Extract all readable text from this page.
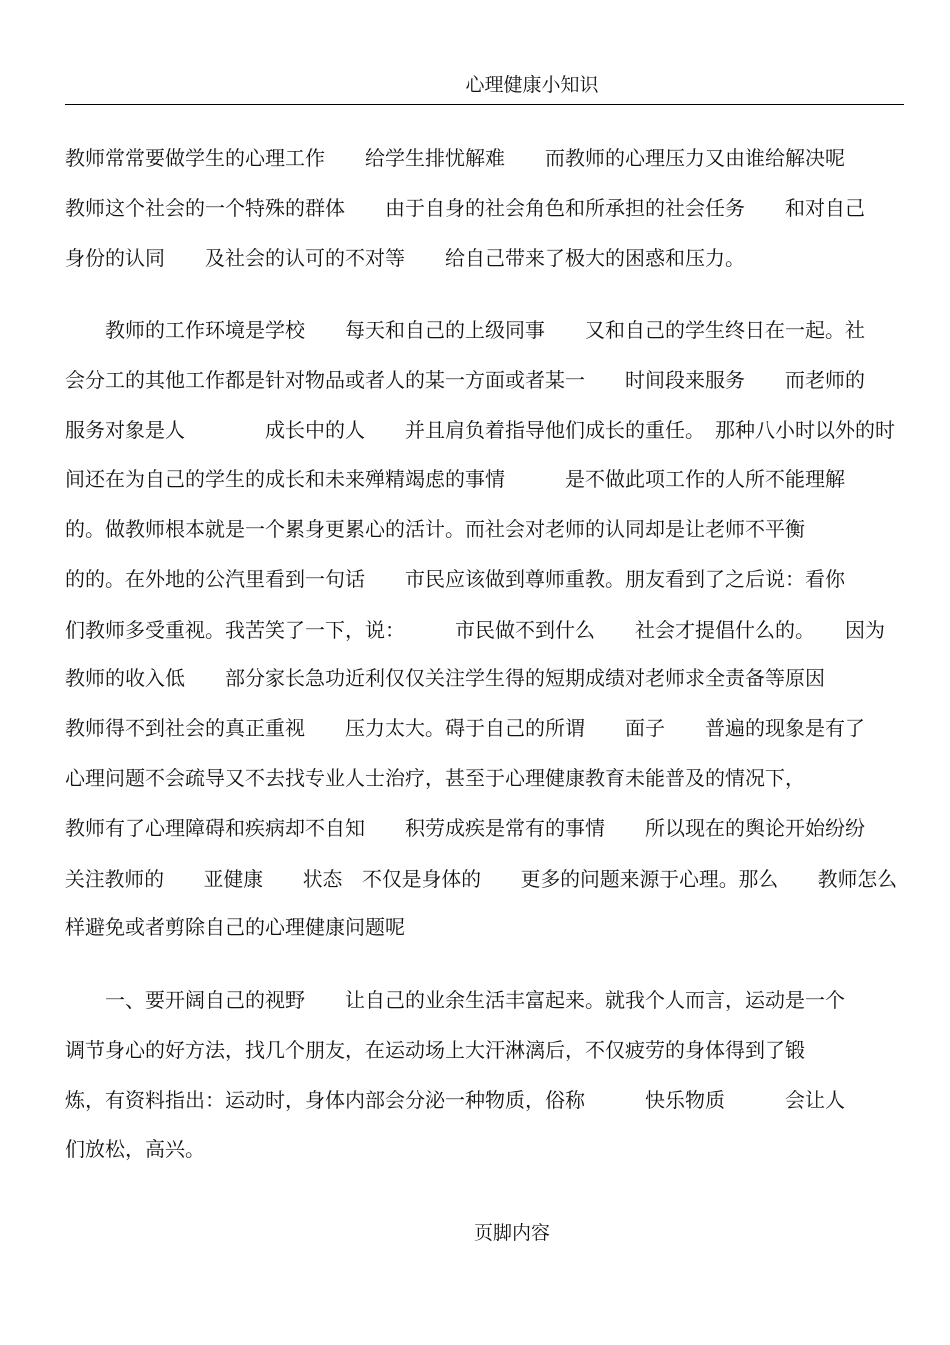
心理健康小知识
教师常常要做学生的心理工作　　给学生排忧解难　　而教师的心理压力又由谁给解决呢
教师这个社会的一个特殊的群体　　由于自身的社会角色和所承担的社会任务　　和对自己
身份的认同　　及社会的认可的不对等　　给自己带来了极大的困惑和压力。
　　教师的工作环境是学校　　每天和自己的上级同事　　又和自己的学生终日在一起。社
会分工的其他工作都是针对物品或者人的某一方面或者某一　　时间段来服务　　而老师的
服务对象是人　　　　成长中的人　　并且肩负着指导他们成长的重任。　那种八小时以外的时
间还在为自己的学生的成长和未来殚精竭虑的事情　　　是不做此项工作的人所不能理解
的。做教师根本就是一个累身更累心的活计。而社会对老师的认同却是让老师不平衡
的的。在外地的公汽里看到一句话　　市民应该做到尊师重教。朋友看到了之后说：看你
们教师多受重视。我苦笑了一下，说：　　　市民做不到什么　　社会才提倡什么的。　　因为
教师的收入低　　部分家长急功近利仅仅关注学生得的短期成绩对老师求全责备等原因
教师得不到社会的真正重视　　压力太大。碍于自己的所谓　　面子　　普遍的现象是有了
心理问题不会疏导又不去找专业人士治疗，甚至于心理健康教育未能普及的情况下，
教师有了心理障碍和疾病却不自知　　积劳成疾是常有的事情　　所以现在的舆论开始纷纷
关注教师的　　亚健康　　状态　不仅是身体的　　更多的问题来源于心理。那么　　教师怎么
样避免或者剪除自己的心理健康问题呢
　　一、要开阔自己的视野　　让自己的业余生活丰富起来。就我个人而言，运动是一个
调节身心的好方法，找几个朋友，在运动场上大汗淋漓后，不仅疲劳的身体得到了锻
炼，有资料指出：运动时，身体内部会分泌一种物质，俗称　　　快乐物质　　　会让人
们放松，高兴。
页脚内容
